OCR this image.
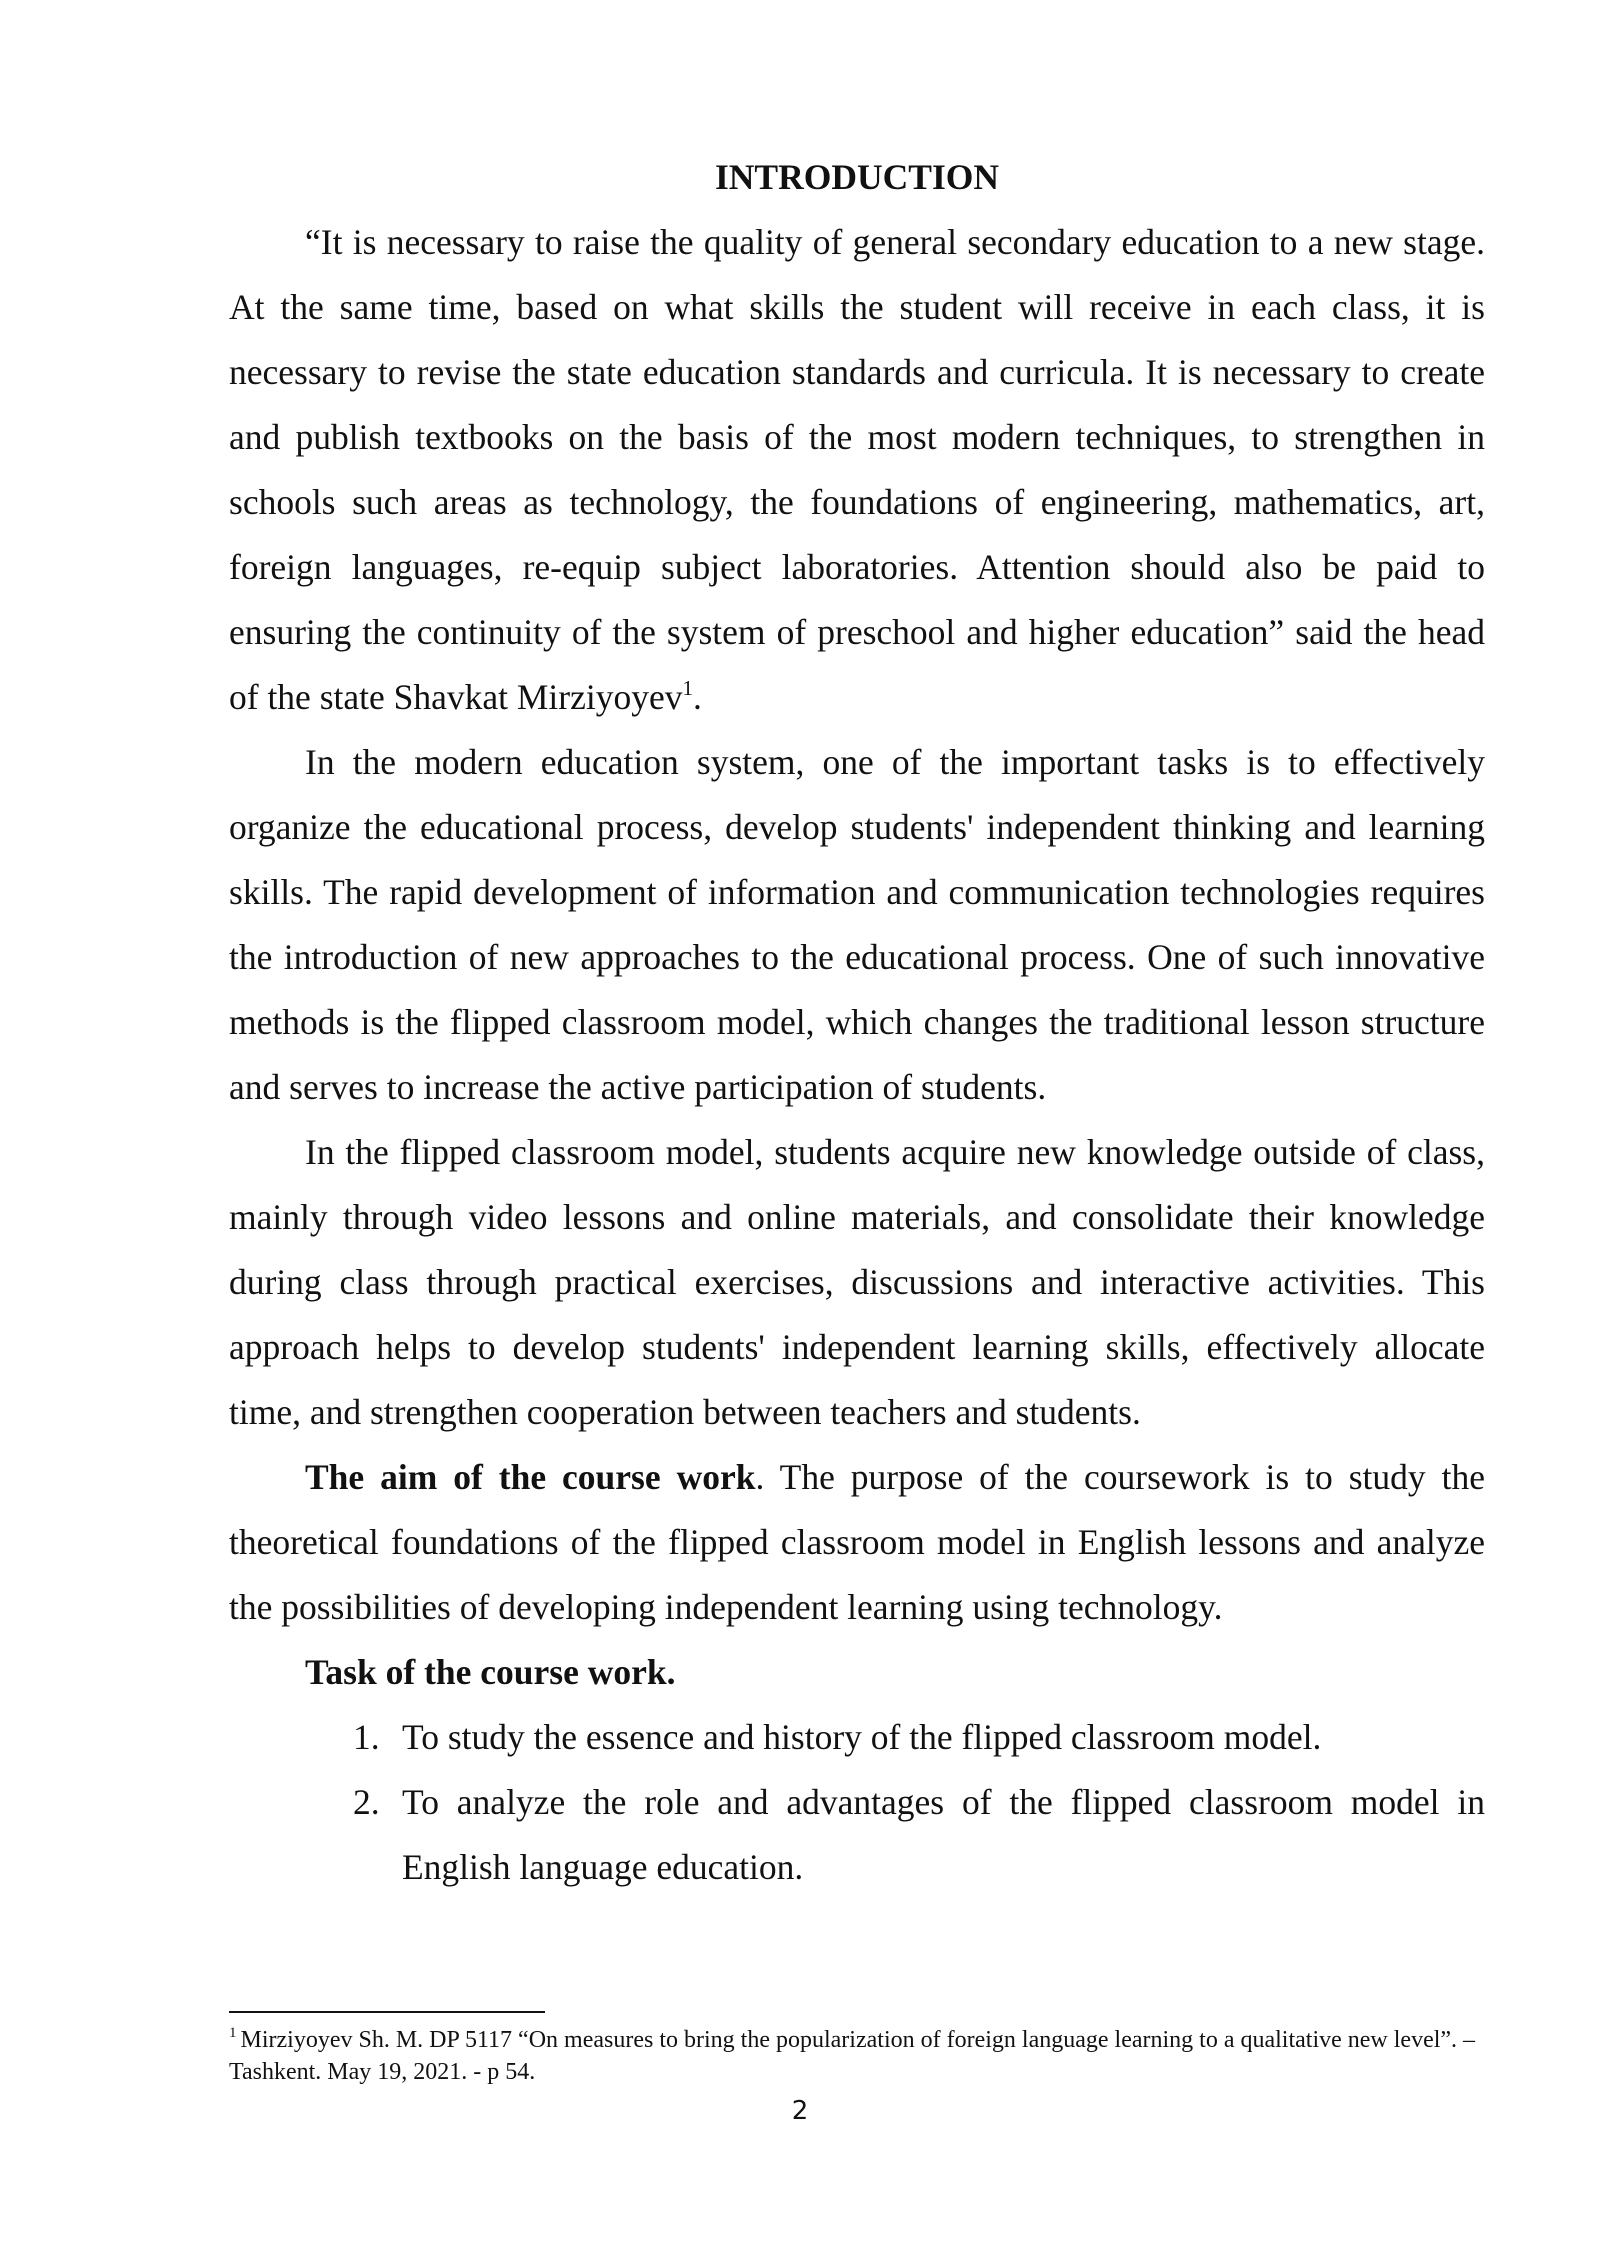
INTRODUCTION

“It is necessary to raise the quality of general secondary education to a new stage. At the same time, based on what skills the student will receive in each class, it is necessary to revise the state education standards and curricula. It is necessary to create and publish textbooks on the basis of the most modern techniques, to strengthen in schools such areas as technology, the foundations of engineering, mathematics, art, foreign languages, re-equip subject laboratories. Attention should also be paid to ensuring the continuity of the system of preschool and higher education” said the head of the state Shavkat Mirziyoyev$^1$.

In the modern education system, one of the important tasks is to effectively organize the educational process, develop students' independent thinking and learning skills. The rapid development of information and communication technologies requires the introduction of new approaches to the educational process. One of such innovative methods is the flipped classroom model, which changes the traditional lesson structure and serves to increase the active participation of students.

In the flipped classroom model, students acquire new knowledge outside of class, mainly through video lessons and online materials, and consolidate their knowledge during class through practical exercises, discussions and interactive activities. This approach helps to develop students' independent learning skills, effectively allocate time, and strengthen cooperation between teachers and students.

The aim of the course work. The purpose of the coursework is to study the theoretical foundations of the flipped classroom model in English lessons and analyze the possibilities of developing independent learning using technology.

Task of the course work.

1. To study the essence and history of the flipped classroom model.
2. To analyze the role and advantages of the flipped classroom model in English language education.
$^1$ Mirziyoyev Sh. M. DP 5117 “On measures to bring the popularization of foreign language learning to a qualitative new level”. – Tashkent. May 19, 2021. - p 54.
2
